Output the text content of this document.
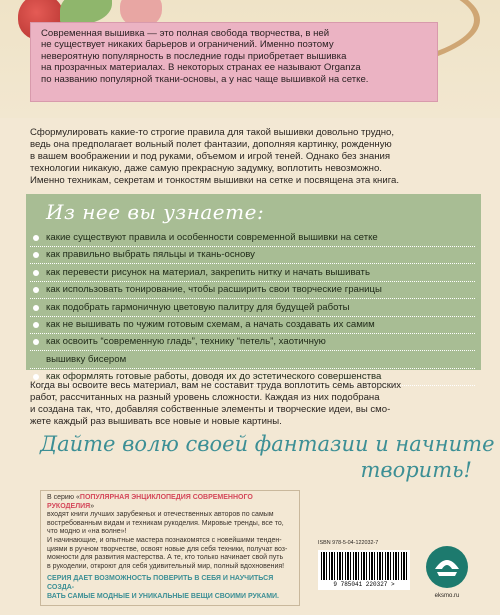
Современная вышивка — это полная свобода творчества, в ней
не существует никаких барьеров и ограничений. Именно поэтому
невероятную популярность в последние годы приобретает вышивка
на прозрачных материалах. В некоторых странах ее называют Organza
по названию популярной ткани-основы, а у нас чаще вышивкой на сетке.
Сформулировать какие-то строгие правила для такой вышивки довольно трудно,
ведь она предполагает вольный полет фантазии, дополняя картинку, рожденную
в вашем воображении и под руками, объемом и игрой теней. Однако без знания
технологии никакую, даже самую прекрасную задумку, воплотить невозможно.
Именно техникам, секретам и тонкостям вышивки на сетке и посвящена эта книга.
Из нее вы узнаете:
какие существуют правила и особенности современной вышивки на сетке
как правильно выбрать пяльцы и ткань-основу
как перевести рисунок на материал, закрепить нитку и начать вышивать
как использовать тонирование, чтобы расширить свои творческие границы
как подобрать гармоничную цветовую палитру для будущей работы
как не вышивать по чужим готовым схемам, а начать создавать их самим
как освоить “современную гладь”, технику “петель”, хаотичную
вышивку бисером
как оформлять готовые работы, доводя их до эстетического совершенства
Когда вы освоите весь материал, вам не составит труда воплотить семь авторских
работ, рассчитанных на разный уровень сложности. Каждая из них подобрана
и создана так, что, добавляя собственные элементы и творческие идеи, вы смо-
жете каждый раз вышивать все новые и новые картины.
Дайте волю своей фантазии и начните
творить!
В серию «ПОПУЛЯРНАЯ ЭНЦИКЛОПЕДИЯ СОВРЕМЕННОГО РУКОДЕЛИЯ»
входят книги лучших зарубежных и отечественных авторов по самым
востребованным видам и техникам рукоделия. Мировые тренды, все то,
что модно и «на волне»!
И начинающие, и опытные мастера познакомятся с новейшими тенден-
циями в ручном творчестве, освоят новые для себя техники, получат воз-
можности для развития мастерства. А те, кто только начинает свой путь
в рукоделии, откроют для себя удивительный мир, полный вдохновения!
СЕРИЯ ДАЕТ ВОЗМОЖНОСТЬ ПОВЕРИТЬ В СЕБЯ И НАУЧИТЬСЯ СОЗДА-
ВАТЬ САМЫЕ МОДНЫЕ И УНИКАЛЬНЫЕ ВЕЩИ СВОИМИ РУКАМИ.
ISBN 978-5-04-122032-7
9 785041 220327 >
eksmo.ru
